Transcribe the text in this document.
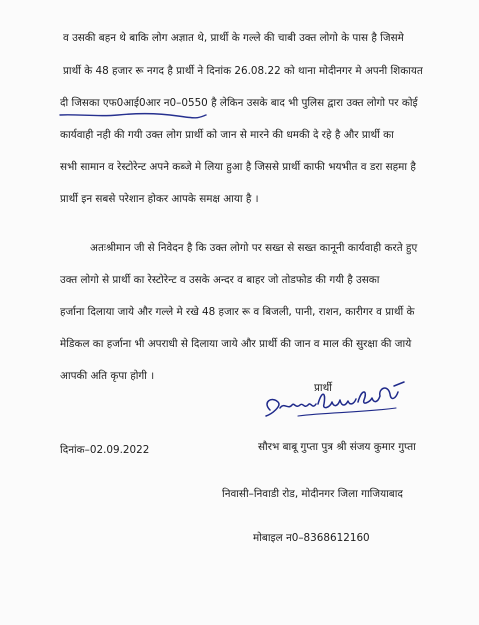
व उसकी बहन थे बाकि लोग अज्ञात थे, प्रार्थी के गल्ले की चाबी उक्त लोगो के पास है जिसमे
प्रार्थी के 48 हजार रू नगद है प्रार्थी ने दिनांक 26.08.22 को थाना मोदीनगर मे अपनी शिकायत
दी जिसका एफ0आई0आर न0–0550 है लेकिन उसके बाद भी पुलिस द्वारा उक्त लोगो पर कोई
कार्यवाही नही की गयी उक्त लोग प्रार्थी को जान से मारने की धमकी दे रहे है और प्रार्थी का
सभी सामान व रेस्टोरेन्ट अपने कब्जे मे लिया हुआ है जिससे प्रार्थी काफी भयभीत व डरा सहमा है
प्रार्थी इन सबसे परेशान होकर आपके समक्ष आया है ।
अतःश्रीमान जी से निवेदन है कि उक्त लोगो पर सख्त से सख्त कानूनी कार्यवाही करते हुए
उक्त लोगो से प्रार्थी का रेस्टोरेन्ट व उसके अन्दर व बाहर जो तोडफोड की गयी है उसका
हर्जाना दिलाया जाये और गल्ले मे रखे 48 हजार रू व बिजली, पानी, राशन, कारीगर व प्रार्थी के
मेडिकल का हर्जाना भी अपराधी से दिलाया जाये और प्रार्थी की जान व माल की सुरक्षा की जाये
आपकी अति कृपा होगी ।
प्रार्थी
दिनांक–02.09.2022	सौरभ बाबू गुप्ता पुत्र श्री संजय कुमार गुप्ता
निवासी–निवाडी रोड, मोदीनगर जिला गाजियाबाद
मोबाइल न0–8368612160
